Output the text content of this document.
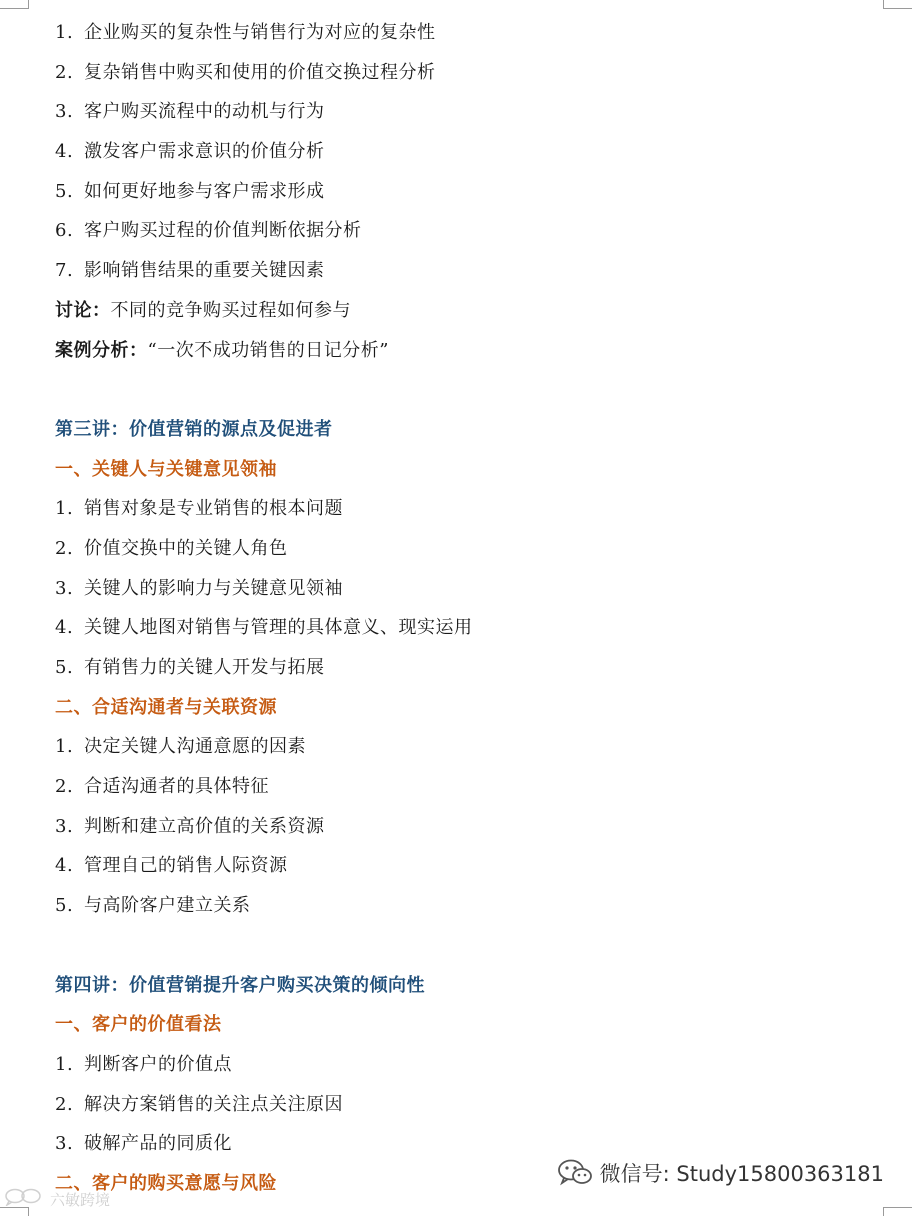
1. 企业购买的复杂性与销售行为对应的复杂性
2. 复杂销售中购买和使用的价值交换过程分析
3. 客户购买流程中的动机与行为
4. 激发客户需求意识的价值分析
5. 如何更好地参与客户需求形成
6. 客户购买过程的价值判断依据分析
7. 影响销售结果的重要关键因素
讨论：不同的竞争购买过程如何参与
案例分析：“一次不成功销售的日记分析”
第三讲：价值营销的源点及促进者
一、关键人与关键意见领袖
1. 销售对象是专业销售的根本问题
2. 价值交换中的关键人角色
3. 关键人的影响力与关键意见领袖
4. 关键人地图对销售与管理的具体意义、现实运用
5. 有销售力的关键人开发与拓展
二、合适沟通者与关联资源
1. 决定关键人沟通意愿的因素
2. 合适沟通者的具体特征
3. 判断和建立高价值的关系资源
4. 管理自己的销售人际资源
5. 与高阶客户建立关系
第四讲：价值营销提升客户购买决策的倾向性
一、客户的价值看法
1. 判断客户的价值点
2. 解决方案销售的关注点关注原因
3. 破解产品的同质化
二、客户的购买意愿与风险	微信号: Study15800363181
六敏跨境
